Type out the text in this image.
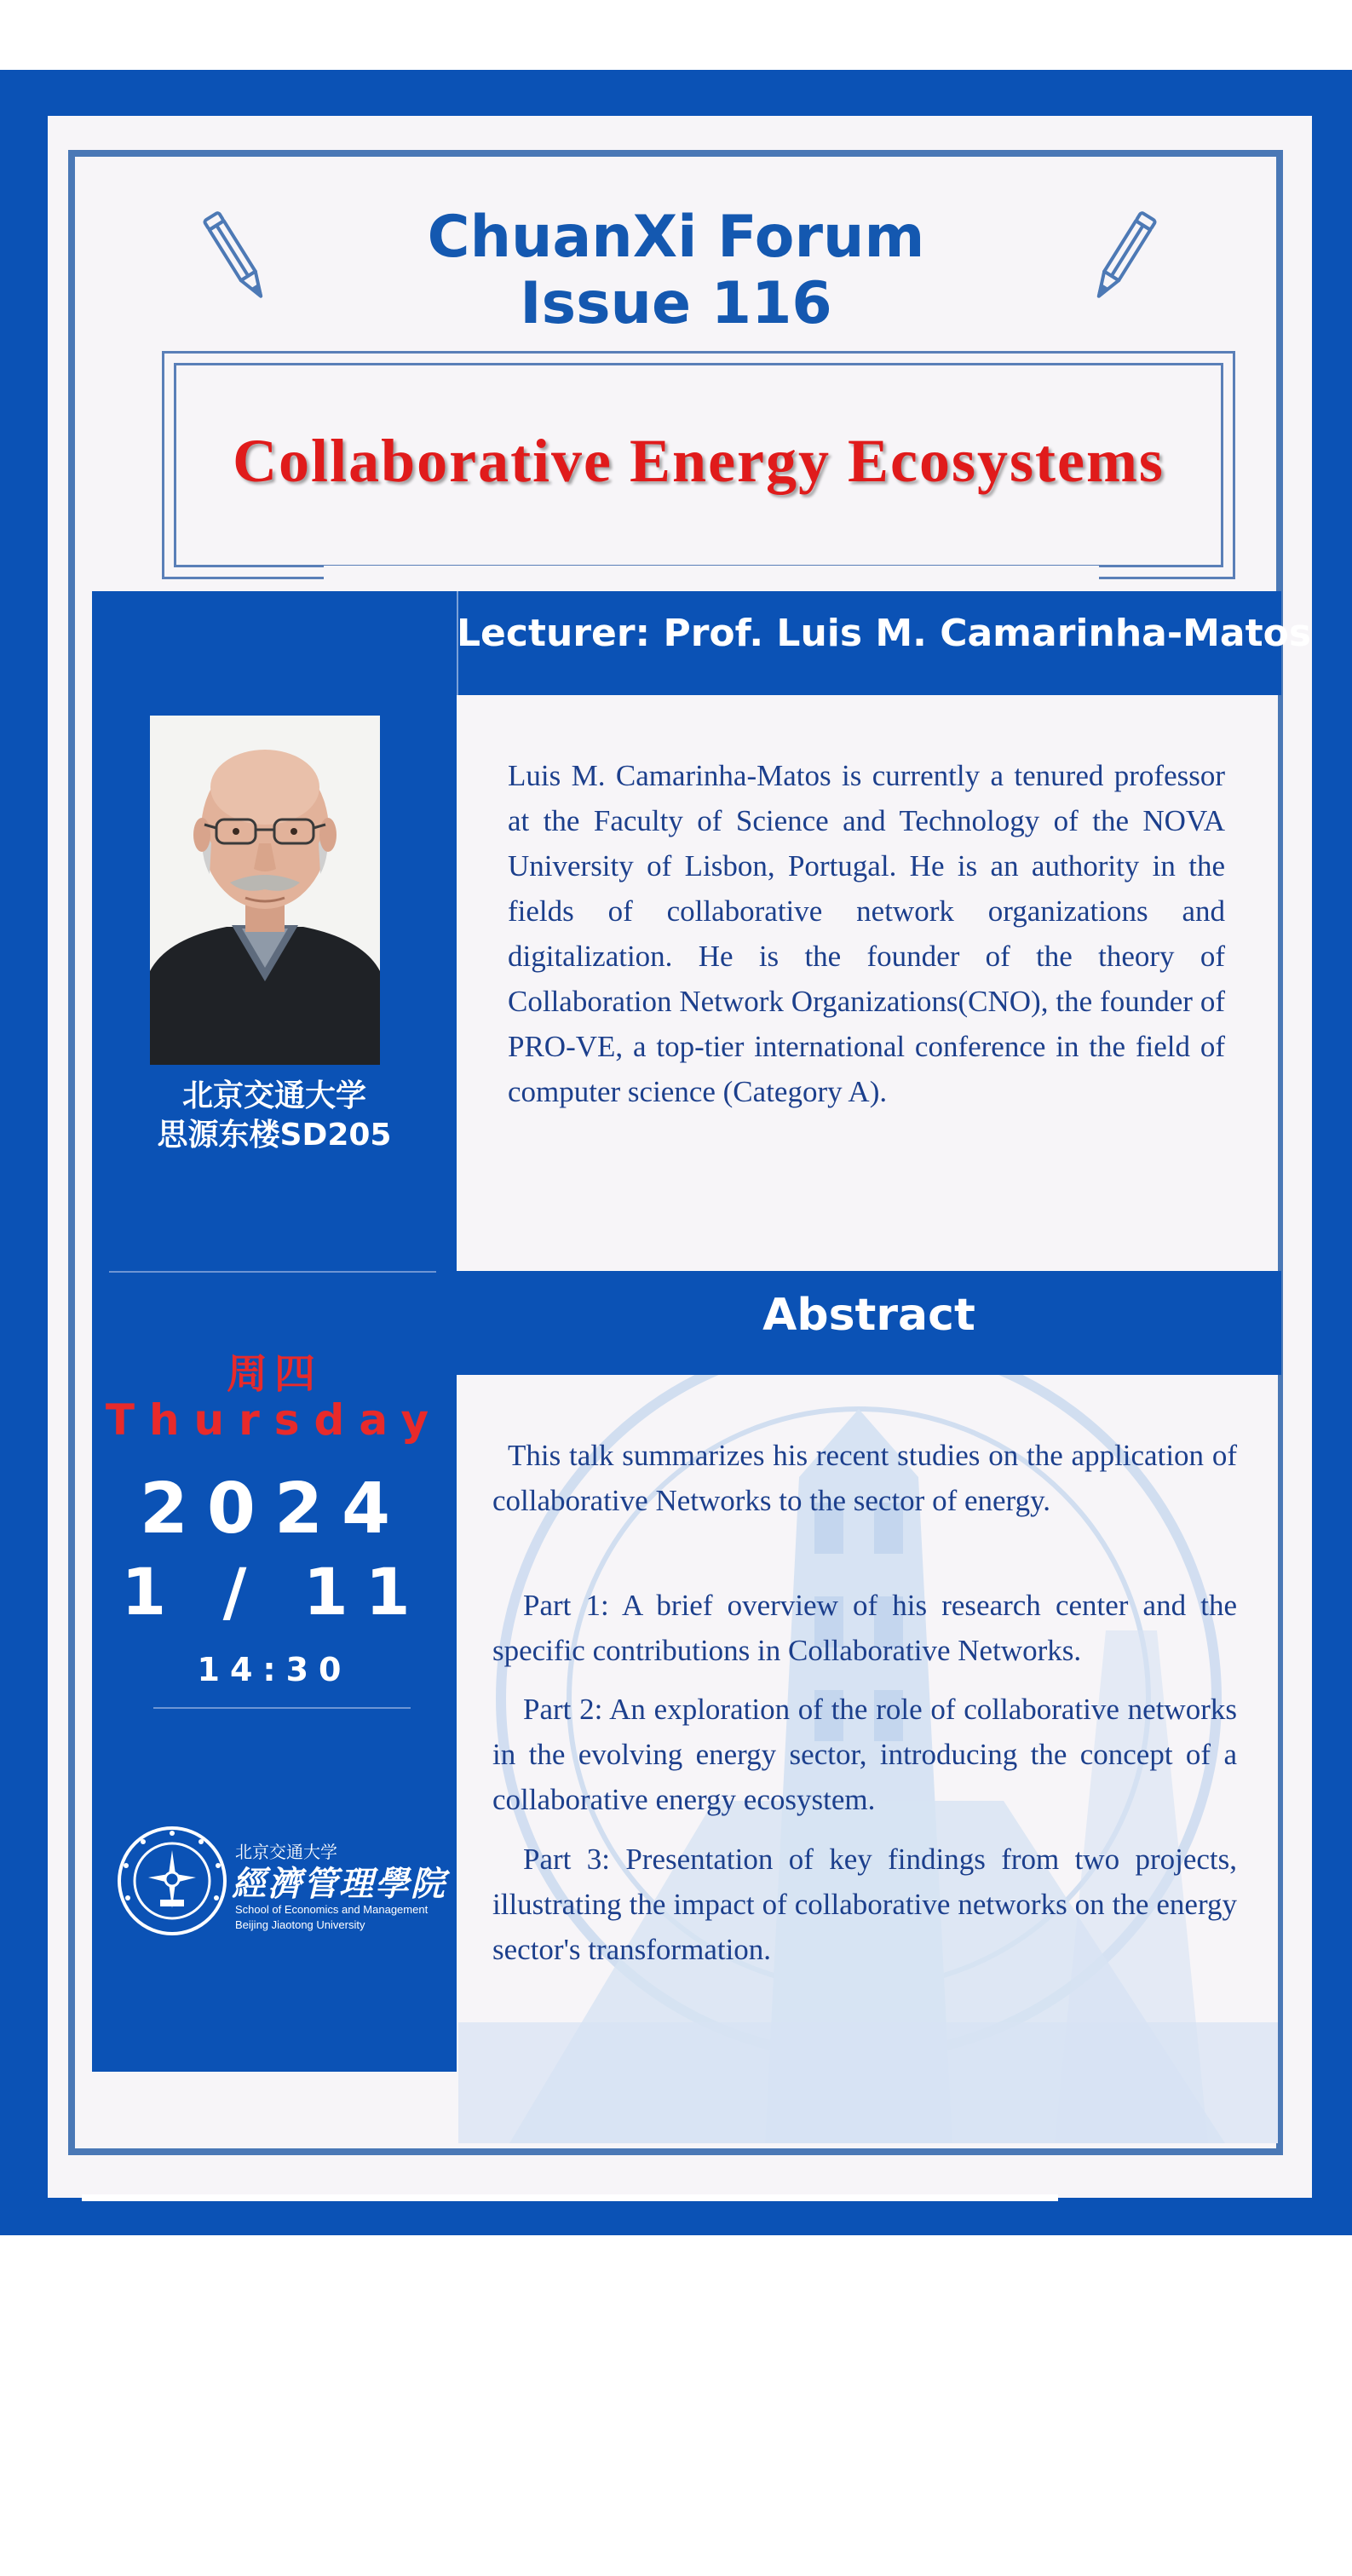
ChuanXi Forum
Issue 116
Collaborative Energy Ecosystems
北京交通大学
思源东楼SD205
周四
Thursday
2024
1 / 11
14:30
北京交通大学
經濟管理學院
School of Economics and Management
Beijing Jiaotong University
Lecturer: Prof. Luis M. Camarinha-Matos

Luis M. Camarinha-Matos is currently a tenured professor at the Faculty of Science and Technology of the NOVA University of Lisbon, Portugal. He is an authority in the fields of collaborative network organizations and digitalization. He is the founder of the theory of Collaboration Network Organizations(CNO), the founder of PRO-VE, a top-tier international conference in the field of computer science (Category A).

Abstract

This talk summarizes his recent studies on the application of collaborative Networks to the sector of energy.

Part 1: A brief overview of his research center and the specific contributions in Collaborative Networks.

Part 2: An exploration of the role of collaborative networks in the evolving energy sector, introducing the concept of a collaborative energy ecosystem.

Part 3: Presentation of key findings from two projects, illustrating the impact of collaborative networks on the energy sector's transformation.
